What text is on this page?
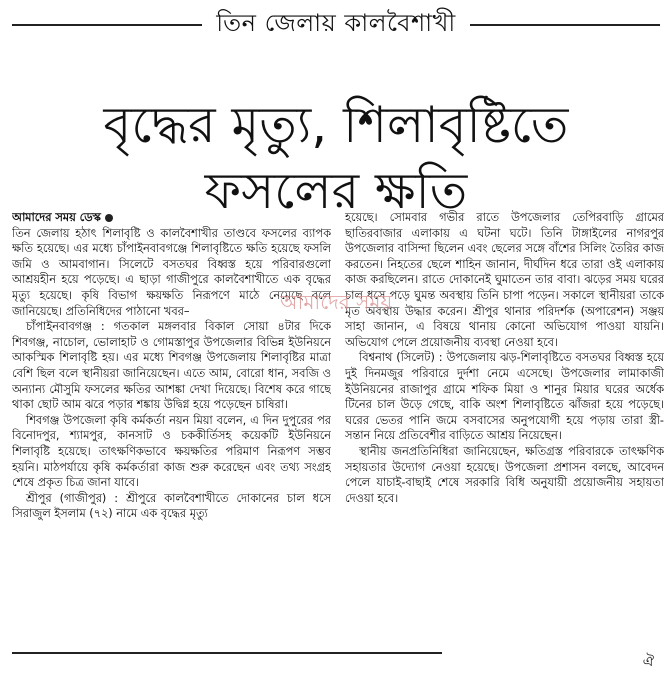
তিন জেলায় কালবৈশাখী
বৃদ্ধের মৃত্যু, শিলাবৃষ্টিতে
ফসলের ক্ষতি

আমাদের সময় ডেস্ক

তিন জেলায় হঠাৎ শিলাবৃষ্টি ও কালবৈশাখীর তাণ্ডবে ফসলের ব্যাপক ক্ষতি হয়েছে। এর মধ্যে চাঁপাইনবাবগঞ্জে শিলাবৃষ্টিতে ক্ষতি হয়েছে ফসলি জমি ও আমবাগান। সিলেটে বসতঘর বিধ্বস্ত হয়ে পরিবারগুলো আশ্রয়হীন হয়ে পড়েছে। এ ছাড়া গাজীপুরে কালবৈশাখীতে এক বৃদ্ধের মৃত্যু হয়েছে। কৃষি বিভাগ ক্ষয়ক্ষতি নিরূপণে মাঠে নেমেছে বলে জানিয়েছে। প্রতিনিধিদের পাঠানো খবর–

চাঁপাইনবাবগঞ্জ : গতকাল মঙ্গলবার বিকাল সোয়া ৪টার দিকে শিবগঞ্জ, নাচোল, ভোলাহাট ও গোমস্তাপুর উপজেলার বিভিন্ন ইউনিয়নে আকস্মিক শিলাবৃষ্টি হয়। এর মধ্যে শিবগঞ্জ উপজেলায় শিলাবৃষ্টির মাত্রা বেশি ছিল বলে স্থানীয়রা জানিয়েছেন। এতে আম, বোরো ধান, সবজি ও অন্যান্য মৌসুমি ফসলের ক্ষতির আশঙ্কা দেখা দিয়েছে। বিশেষ করে গাছে থাকা ছোট আম ঝরে পড়ার শঙ্কায় উদ্বিগ্ন হয়ে পড়েছেন চাষিরা।

শিবগঞ্জ উপজেলা কৃষি কর্মকর্তা নয়ন মিয়া বলেন, এ দিন দুপুরের পর বিনোদপুর, শ্যামপুর, কানসাট ও চককীর্তিসহ কয়েকটি ইউনিয়নে শিলাবৃষ্টি হয়েছে। তাৎক্ষণিকভাবে ক্ষয়ক্ষতির পরিমাণ নিরূপণ সম্ভব হয়নি। মাঠপর্যায়ে কৃষি কর্মকর্তারা কাজ শুরু করেছেন এবং তথ্য সংগ্রহ শেষে প্রকৃত চিত্র জানা যাবে।

শ্রীপুর (গাজীপুর) : শ্রীপুরে কালবৈশাখীতে দোকানের চাল ধসে সিরাজুল ইসলাম (৭২) নামে এক বৃদ্ধের মৃত্যু

হয়েছে। সোমবার গভীর রাতে উপজেলার তেপিরবাড়ি গ্রামের ছাতিরবাজার এলাকায় এ ঘটনা ঘটে। তিনি টাঙ্গাইলের নাগরপুর উপজেলার বাসিন্দা ছিলেন এবং ছেলের সঙ্গে বাঁশের সিলিং তৈরির কাজ করতেন। নিহতের ছেলে শাহিন জানান, দীর্ঘদিন ধরে তারা ওই এলাকায় কাজ করছিলেন। রাতে দোকানেই ঘুমাতেন তার বাবা। ঝড়ের সময় ঘরের চাল ধসে পড়ে ঘুমন্ত অবস্থায় তিনি চাপা পড়েন। সকালে স্থানীয়রা তাকে মৃত অবস্থায় উদ্ধার করেন। শ্রীপুর থানার পরিদর্শক (অপারেশন) সঞ্জয় সাহা জানান, এ বিষয়ে থানায় কোনো অভিযোগ পাওয়া যায়নি। অভিযোগ পেলে প্রয়োজনীয় ব্যবস্থা নেওয়া হবে।

বিশ্বনাথ (সিলেট) : উপজেলায় ঝড়-শিলাবৃষ্টিতে বসতঘর বিধ্বস্ত হয়ে দুই দিনমজুর পরিবারে দুর্দশা নেমে এসেছে। উপজেলার লামাকাজী ইউনিয়নের রাজাপুর গ্রামে শফিক মিয়া ও শানুর মিয়ার ঘরের অর্ধেক টিনের চাল উড়ে গেছে, বাকি অংশ শিলাবৃষ্টিতে ঝাঁজরা হয়ে পড়েছে। ঘরের ভেতর পানি জমে বসবাসের অনুপযোগী হয়ে পড়ায় তারা স্ত্রী-সন্তান নিয়ে প্রতিবেশীর বাড়িতে আশ্রয় নিয়েছেন।

স্থানীয় জনপ্রতিনিধিরা জানিয়েছেন, ক্ষতিগ্রস্ত পরিবারকে তাৎক্ষণিক সহায়তার উদ্যোগ নেওয়া হয়েছে। উপজেলা প্রশাসন বলছে, আবেদন পেলে যাচাই-বাছাই শেষে সরকারি বিধি অনুযায়ী প্রয়োজনীয় সহায়তা দেওয়া হবে।

আমাদের সময়
ঐ
